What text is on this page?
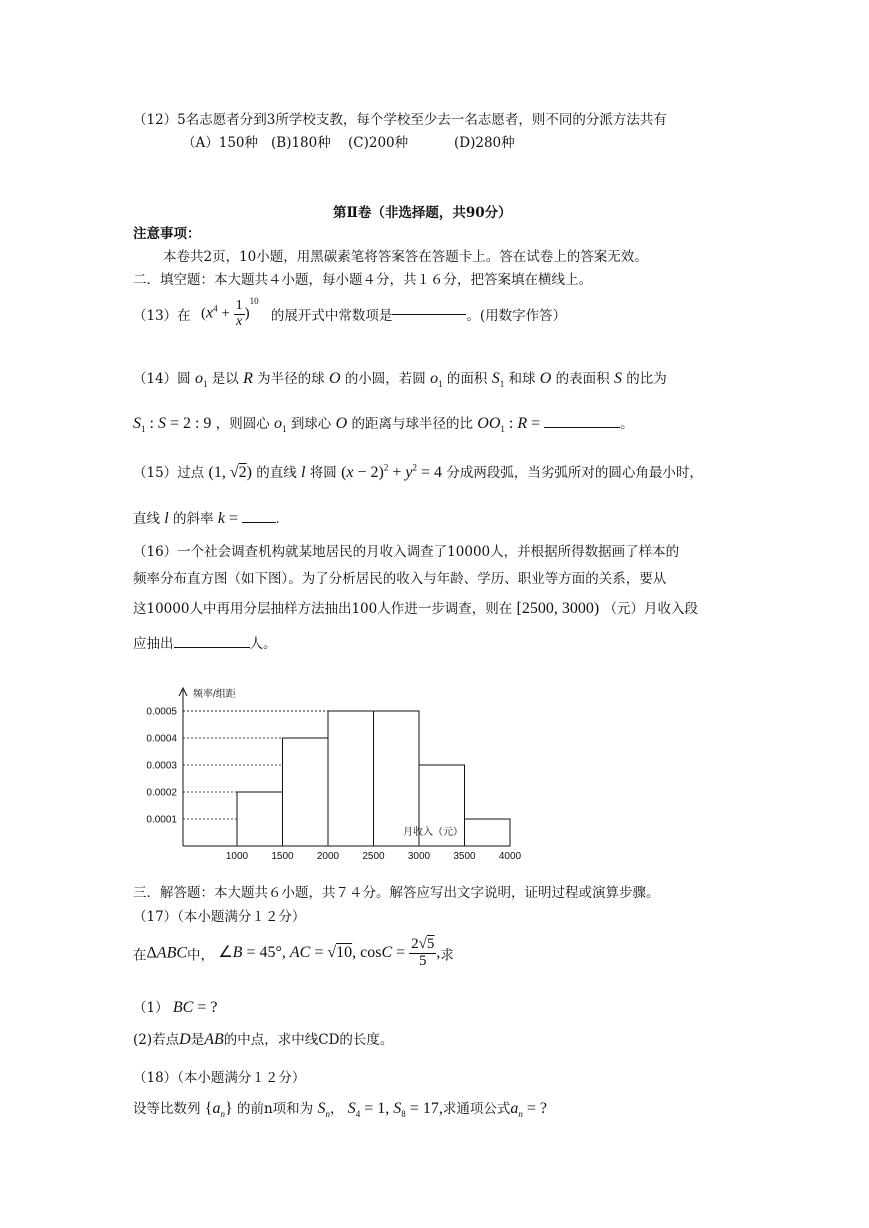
（12）5名志愿者分到3所学校支教，每个学校至少去一名志愿者，则不同的分派方法共有
（A）150种 (B)180种 (C)200种	(D)280种
第Ⅱ卷（非选择题，共90分）
注意事项：
本卷共2页，10小题，用黑碳素笔将答案答在答题卡上。答在试卷上的答案无效。
二．填空题：本大题共４小题，每小题４分，共１６分，把答案填在横线上。
（13）在 $(x^4 + \frac{1}{x} )^{10}$ 的展开式中常数项是	。(用数字作答）
（14）圆 $o_1$ 是以 R 为半径的球 O 的小圆，若圆 $o_1$ 的面积 $S_1$ 和球 O 的表面积 S 的比为
$S_1$ : S = 2 : 9 ，则圆心 $o_1$ 到球心 O 的距离与球半径的比 $OO_1$ : R =	。
（15）过点 (1, √2) 的直线 l 将圆 $(x - 2)^2 + y^2 = 4$ 分成两段弧，当劣弧所对的圆心角最小时，
直线 l 的斜率 k =	.
（16）一个社会调查机构就某地居民的月收入调查了10000人，并根据所得数据画了样本的
频率分布直方图（如下图）。为了分析居民的收入与年龄、学历、职业等方面的关系，要从
这10000人中再用分层抽样方法抽出100人作进一步调查，则在 [2500, 3000) （元）月收入段
应抽出	人。
频率/组距
月收入（元）
0.0001
0.0002
0.0003
0.0004
0.0005
1000 1500 2000 2500 3000 3500 4000
三．解答题：本大题共６小题，共７４分。解答应写出文字说明，证明过程或演算步骤。
（17）（本小题满分１２分）
在ΔABC中， ∠B = 45°, AC = √10, $\cos C = \frac{2√5}{5}$ ,求
（1） BC = ?
(2)若点D是AB的中点，求中线CD的长度。
（18）（本小题满分１２分）
设等比数列 $\{a_n\}$ 的前n项和为 $S_n$， $S_4 = 1$, $S_8 = 17$,求通项公式$a_n$ = ?
